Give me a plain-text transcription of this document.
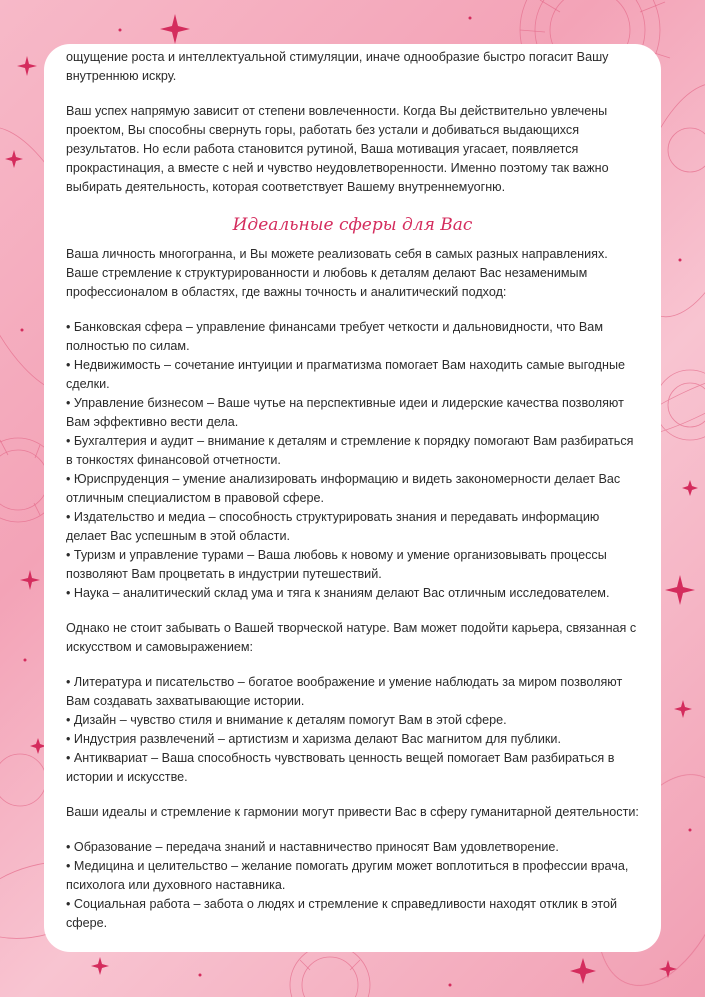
ощущение роста и интеллектуальной стимуляции, иначе однообразие быстро погасит Вашу внутреннюю искру.

Ваш успех напрямую зависит от степени вовлеченности. Когда Вы действительно увлечены проектом, Вы способны свернуть горы, работать без устали и добиваться выдающихся результатов. Но если работа становится рутиной, Ваша мотивация угасает, появляется прокрастинация, а вместе с ней и чувство неудовлетворенности. Именно поэтому так важно выбирать деятельность, которая соответствует Вашему внутреннемуогню.

Идеальные сферы для Вас

Ваша личность многогранна, и Вы можете реализовать себя в самых разных направлениях. Ваше стремление к структурированности и любовь к деталям делают Вас незаменимым профессионалом в областях, где важны точность и аналитический подход:

• Банковская сфера – управление финансами требует четкости и дальновидности, что Вам полностью по силам.

• Недвижимость – сочетание интуиции и прагматизма помогает Вам находить самые выгодные сделки.

• Управление бизнесом – Ваше чутье на перспективные идеи и лидерские качества позволяют Вам эффективно вести дела.

• Бухгалтерия и аудит – внимание к деталям и стремление к порядку помогают Вам разбираться в тонкостях финансовой отчетности.

• Юриспруденция – умение анализировать информацию и видеть закономерности делает Вас отличным специалистом в правовой сфере.

• Издательство и медиа – способность структурировать знания и передавать информацию делает Вас успешным в этой области.

• Туризм и управление турами – Ваша любовь к новому и умение организовывать процессы позволяют Вам процветать в индустрии путешествий.

• Наука – аналитический склад ума и тяга к знаниям делают Вас отличным исследователем.

Однако не стоит забывать о Вашей творческой натуре. Вам может подойти карьера, связанная с искусством и самовыражением:

• Литература и писательство – богатое воображение и умение наблюдать за миром позволяют Вам создавать захватывающие истории.

• Дизайн – чувство стиля и внимание к деталям помогут Вам в этой сфере.

• Индустрия развлечений – артистизм и харизма делают Вас магнитом для публики.

• Антиквариат – Ваша способность чувствовать ценность вещей помогает Вам разбираться в истории и искусстве.

Ваши идеалы и стремление к гармонии могут привести Вас в сферу гуманитарной деятельности:

• Образование – передача знаний и наставничество приносят Вам удовлетворение.

• Медицина и целительство – желание помогать другим может воплотиться в профессии врача, психолога или духовного наставника.

• Социальная работа – забота о людях и стремление к справедливости находят отклик в этой сфере.
